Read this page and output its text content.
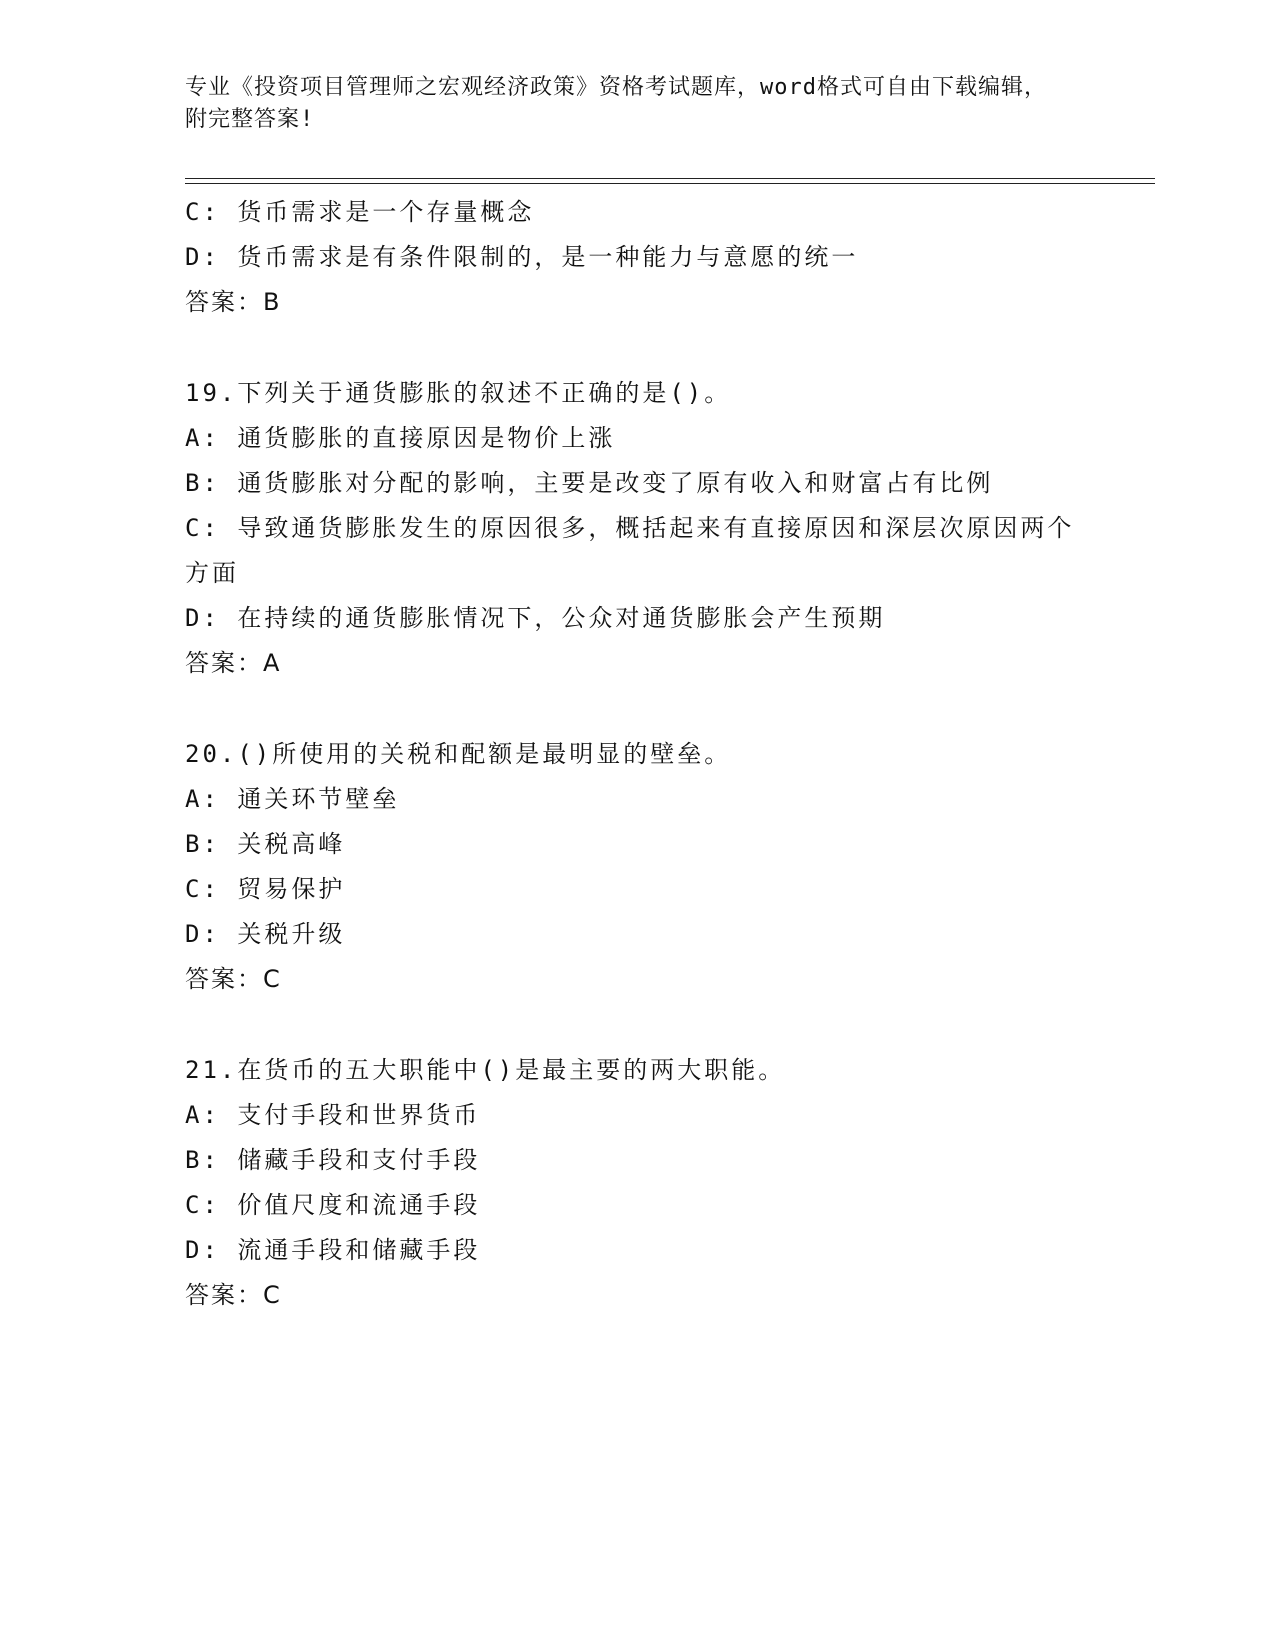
专业《投资项目管理师之宏观经济政策》资格考试题库，word格式可自由下载编辑，附完整答案!
C: 货币需求是一个存量概念
D: 货币需求是有条件限制的，是一种能力与意愿的统一
答案：B
19.下列关于通货膨胀的叙述不正确的是()。
A: 通货膨胀的直接原因是物价上涨
B: 通货膨胀对分配的影响，主要是改变了原有收入和财富占有比例
C: 导致通货膨胀发生的原因很多，概括起来有直接原因和深层次原因两个方面
D: 在持续的通货膨胀情况下，公众对通货膨胀会产生预期
答案：A
20.()所使用的关税和配额是最明显的壁垒。
A: 通关环节壁垒
B: 关税高峰
C: 贸易保护
D: 关税升级
答案：C
21.在货币的五大职能中()是最主要的两大职能。
A: 支付手段和世界货币
B: 储藏手段和支付手段
C: 价值尺度和流通手段
D: 流通手段和储藏手段
答案：C
